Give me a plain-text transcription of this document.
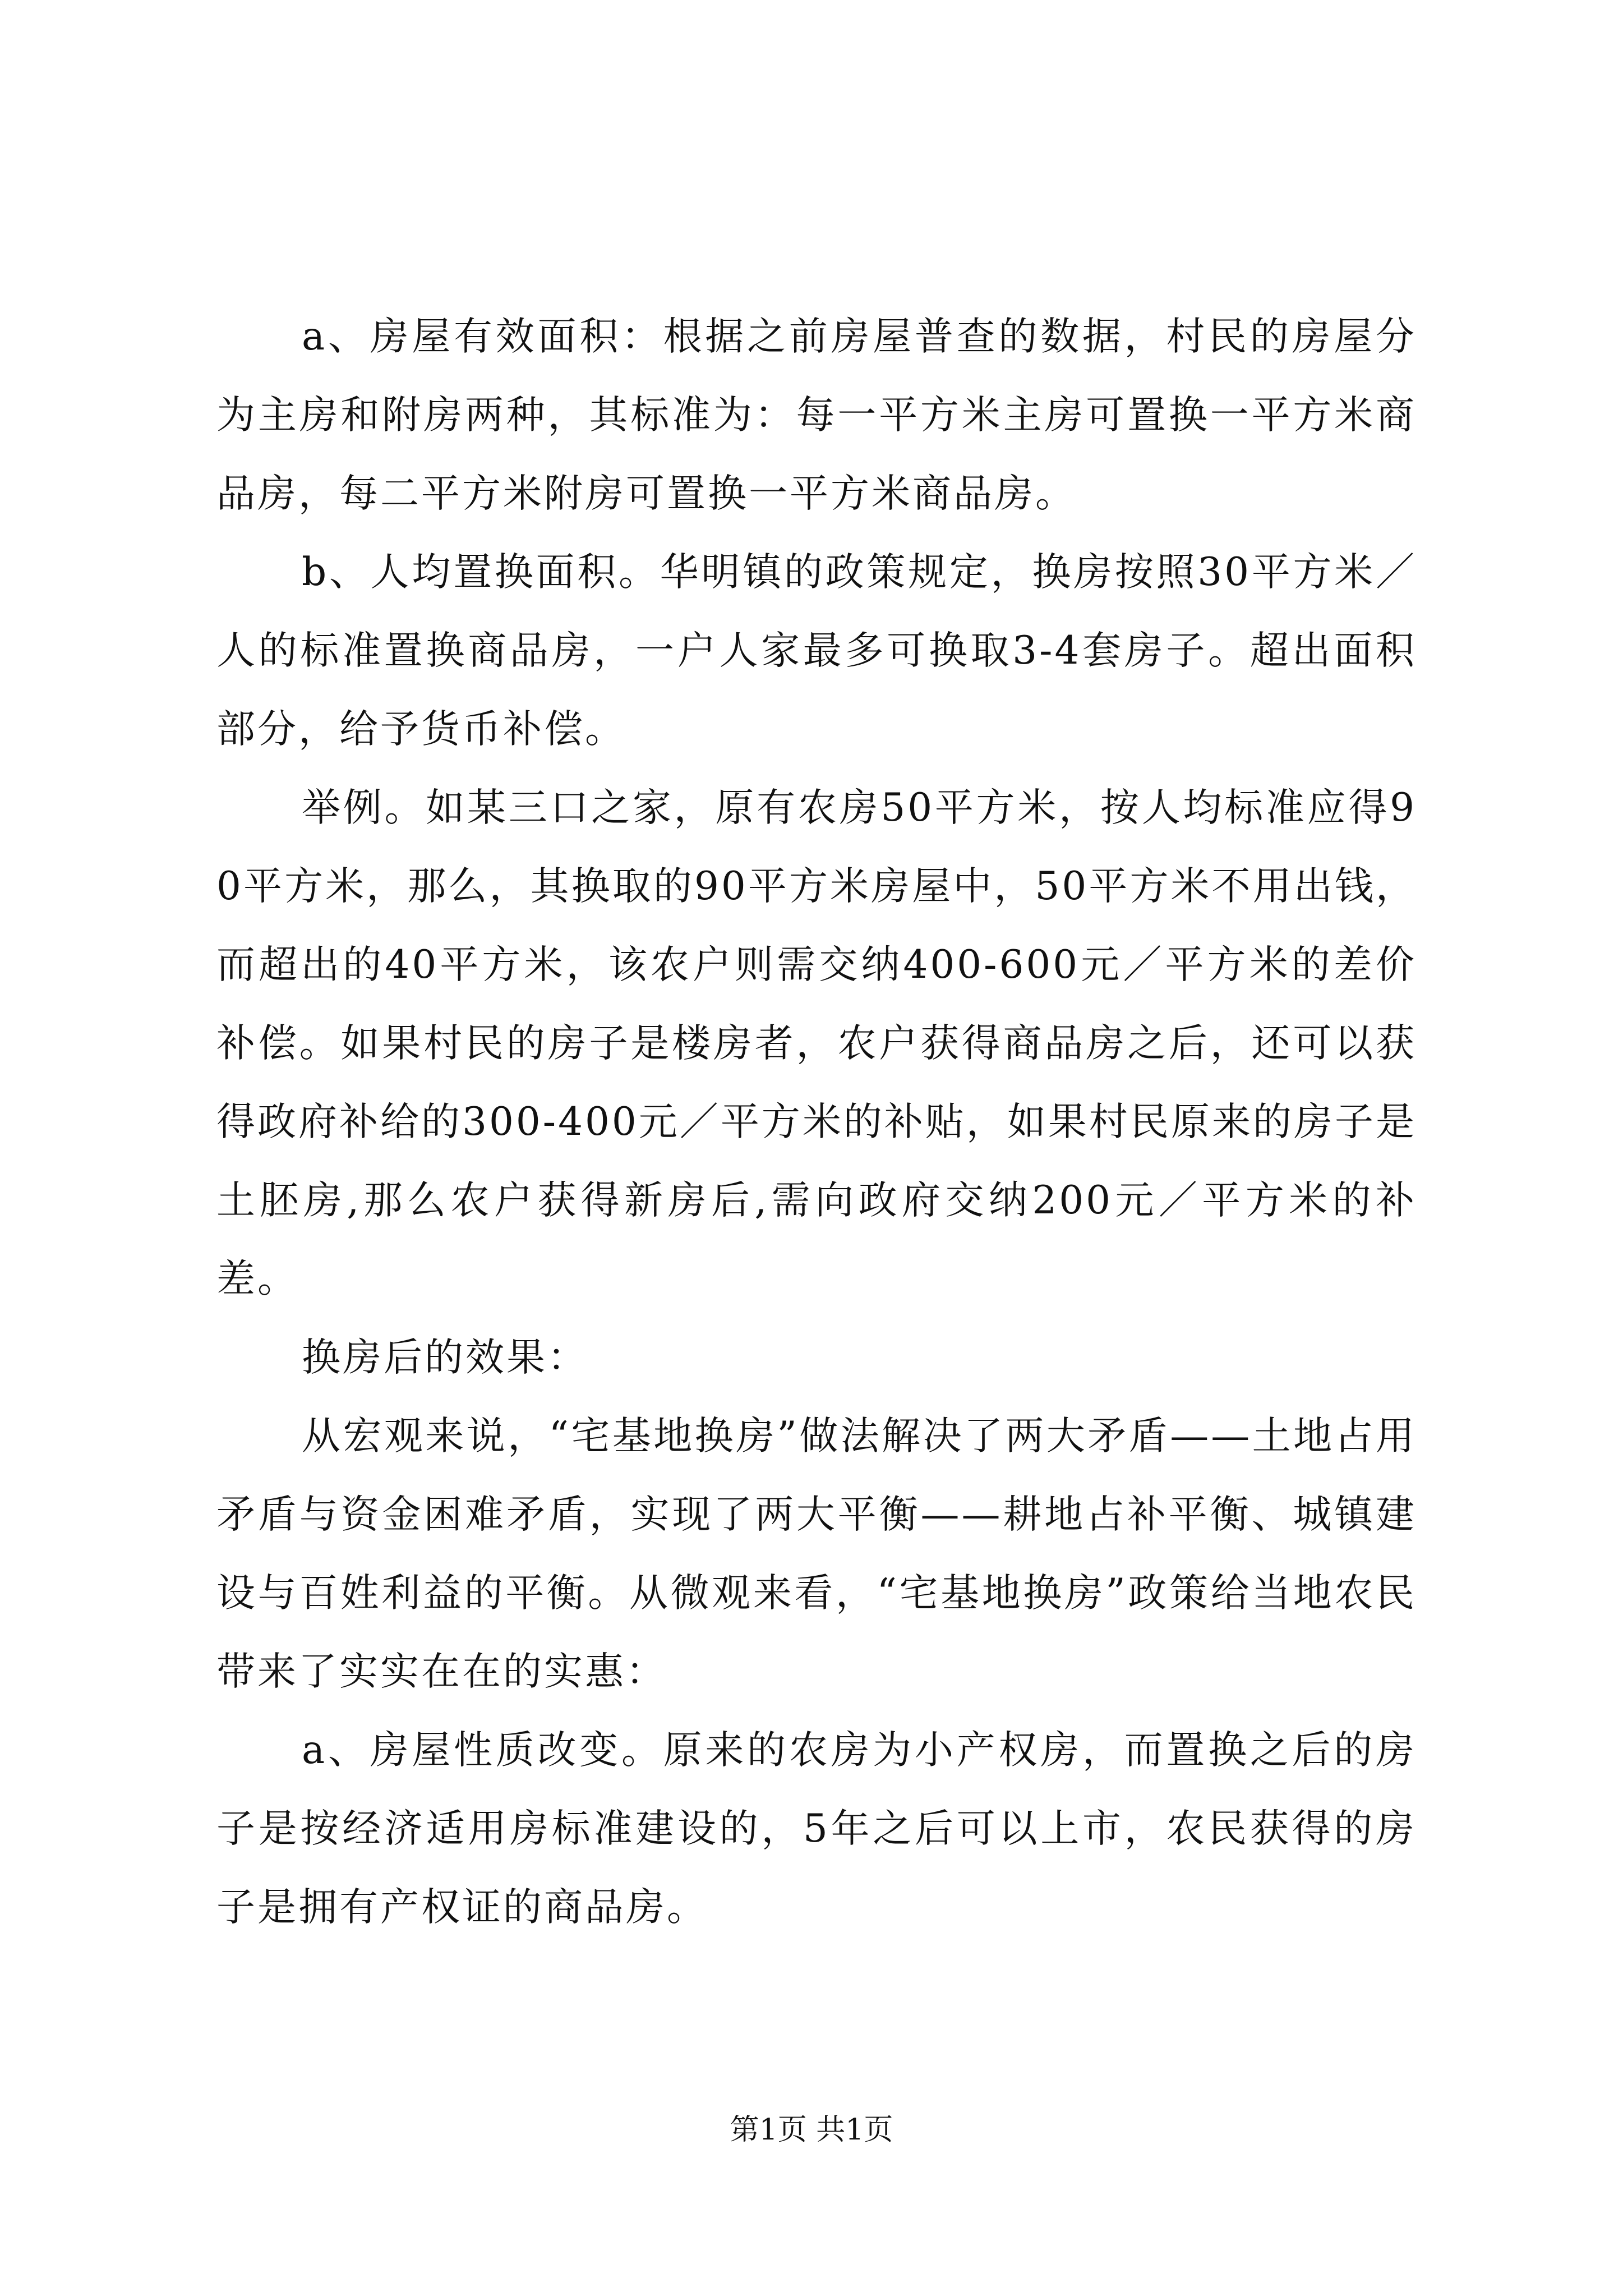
a、房屋有效面积：根据之前房屋普查的数据，村民的房屋分为主房和附房两种，其标准为：每一平方米主房可置换一平方米商品房，每二平方米附房可置换一平方米商品房。

b、人均置换面积。华明镇的政策规定，换房按照30平方米／人的标准置换商品房，一户人家最多可换取3-4套房子。超出面积部分，给予货币补偿。

举例。如某三口之家，原有农房50平方米，按人均标准应得90平方米，那么，其换取的90平方米房屋中，50平方米不用出钱，而超出的40平方米，该农户则需交纳400-600元／平方米的差价补偿。如果村民的房子是楼房者，农户获得商品房之后，还可以获得政府补给的300-400元／平方米的补贴，如果村民原来的房子是土胚房,那么农户获得新房后,需向政府交纳200元／平方米的补差。

换房后的效果：

从宏观来说，“宅基地换房”做法解决了两大矛盾——土地占用矛盾与资金困难矛盾，实现了两大平衡——耕地占补平衡、城镇建设与百姓利益的平衡。从微观来看，“宅基地换房”政策给当地农民带来了实实在在的实惠：

a、房屋性质改变。原来的农房为小产权房，而置换之后的房子是按经济适用房标准建设的，5年之后可以上市，农民获得的房子是拥有产权证的商品房。

第1页 共1页
